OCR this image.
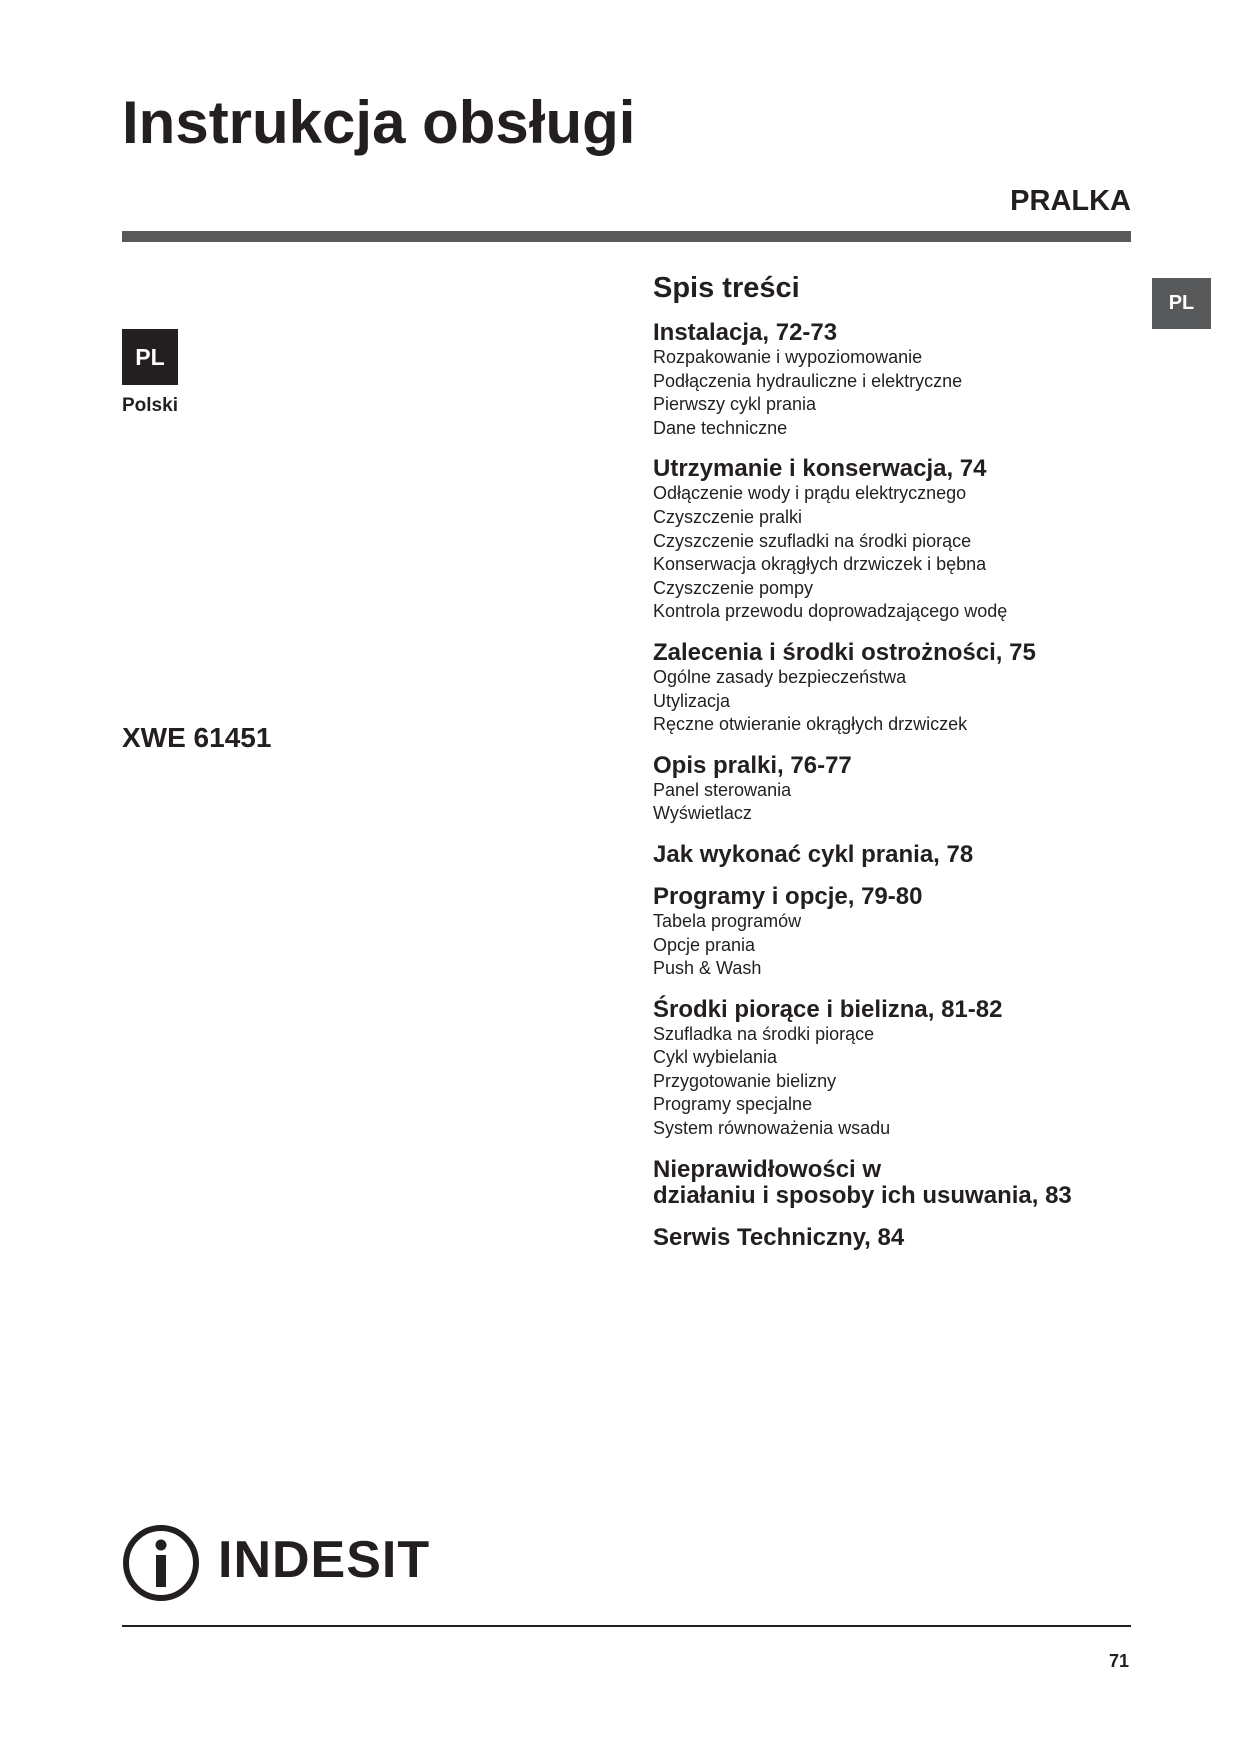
Instrukcja obsługi
PRALKA
PL
Polski
XWE 61451
PL
Spis treści
Instalacja, 72-73
Rozpakowanie i wypoziomowanie
Podłączenia hydrauliczne i elektryczne
Pierwszy cykl prania
Dane techniczne
Utrzymanie i konserwacja, 74
Odłączenie wody i prądu elektrycznego
Czyszczenie pralki
Czyszczenie szufladki na środki piorące
Konserwacja okrągłych drzwiczek i bębna
Czyszczenie pompy
Kontrola przewodu doprowadzającego wodę
Zalecenia i środki ostrożności, 75
Ogólne zasady bezpieczeństwa
Utylizacja
Ręczne otwieranie okrągłych drzwiczek
Opis pralki, 76-77
Panel sterowania
Wyświetlacz
Jak wykonać cykl prania, 78
Programy i opcje, 79-80
Tabela programów
Opcje prania
Push & Wash
Środki piorące i bielizna, 81-82
Szufladka na środki piorące
Cykl wybielania
Przygotowanie bielizny
Programy specjalne
System równoważenia wsadu
Nieprawidłowości w
działaniu i sposoby ich usuwania, 83
Serwis Techniczny, 84
INDESIT
71
